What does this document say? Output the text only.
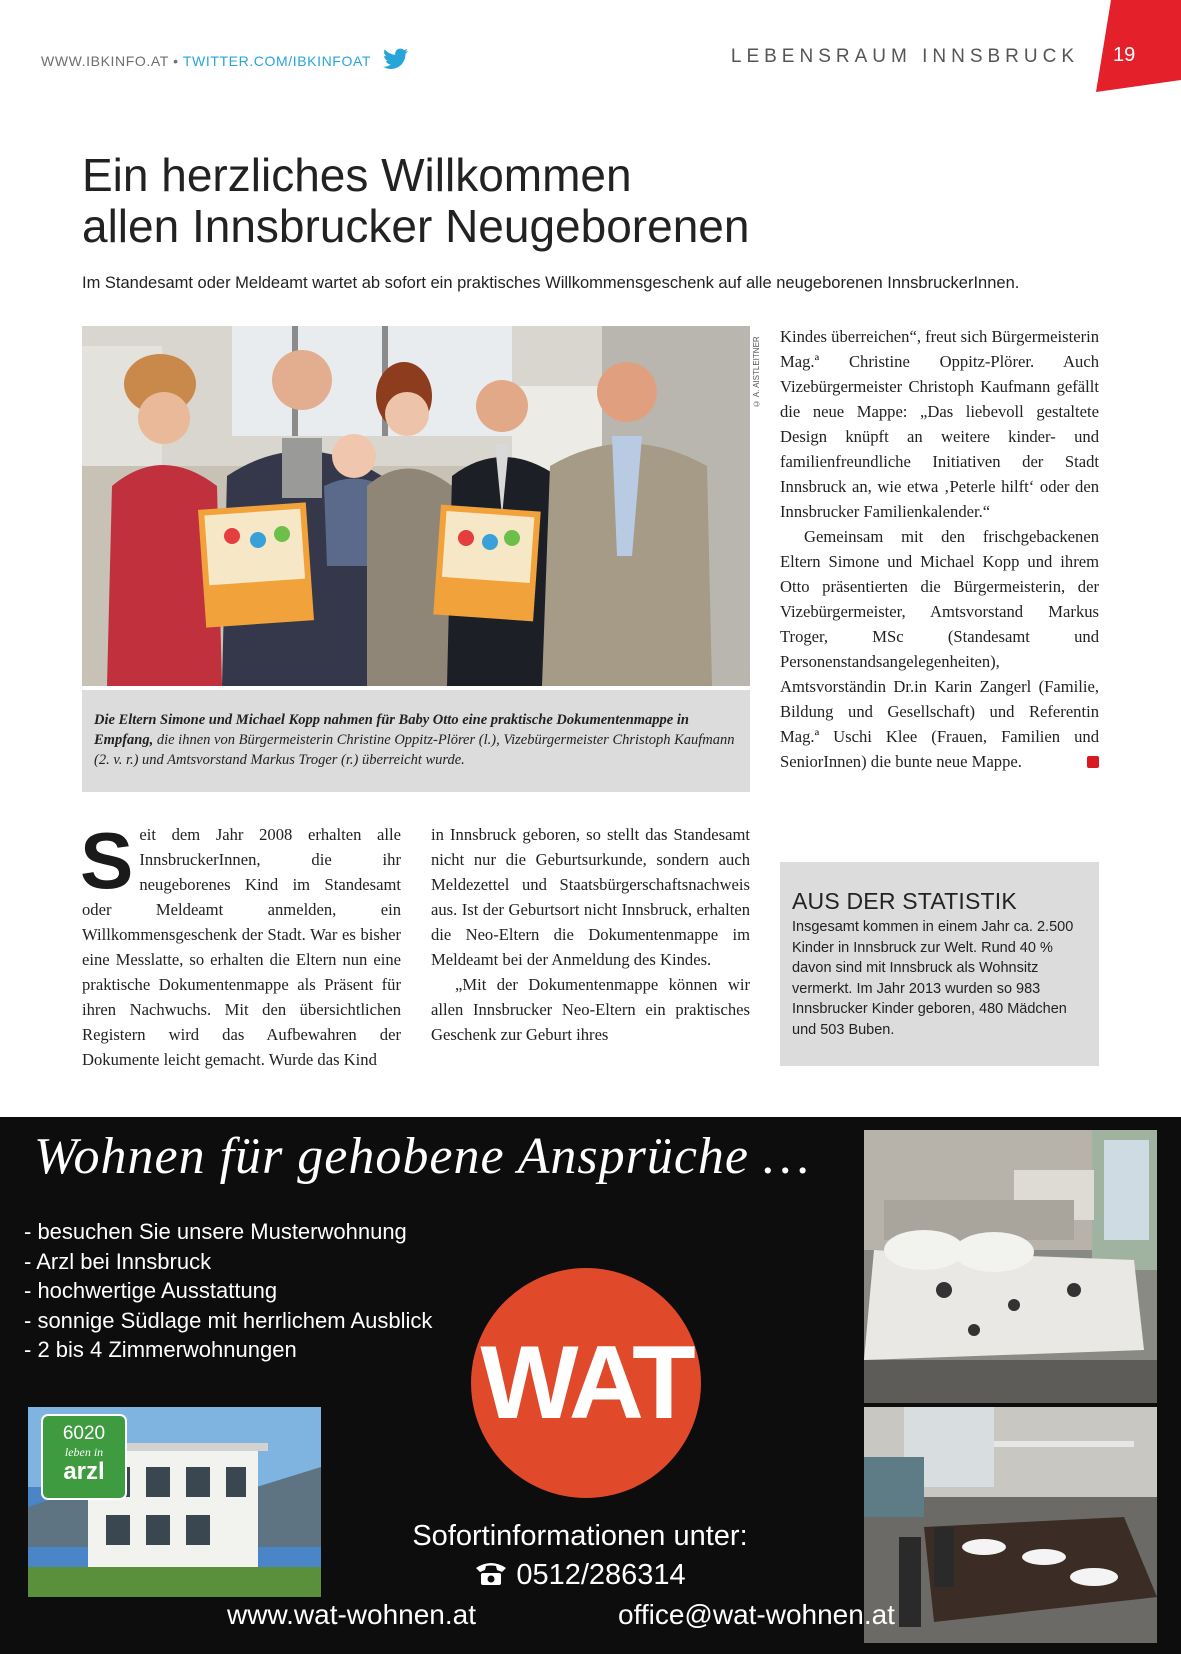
WWW.IBKINFO.AT • TWITTER.COM/IBKINFOAT	LEBENSRAUM INNSBRUCK 19
Ein herzliches Willkommen
allen Innsbrucker Neugeborenen
Im Standesamt oder Meldeamt wartet ab sofort ein praktisches Willkommensgeschenk auf alle neugeborenen InnsbruckerInnen.
© A. AISTLEITNER
Die Eltern Simone und Michael Kopp nahmen für Baby Otto eine praktische Dokumentenmappe in Empfang, die ihnen von Bürgermeisterin Christine Oppitz-Plörer (l.), Vizebürgermeister Christoph Kaufmann (2. v. r.) und Amtsvorstand Markus Troger (r.) überreicht wurde.
S eit dem Jahr 2008 erhalten alle InnsbruckerInnen, die ihr neugeborenes Kind im Standesamt oder Meldeamt anmelden, ein Willkommensgeschenk der Stadt. War es bisher eine Messlatte, so erhalten die Eltern nun eine praktische Dokumentenmappe als Präsent für ihren Nachwuchs. Mit den übersichtlichen Registern wird das Aufbewahren der Dokumente leicht gemacht. Wurde das Kind

in Innsbruck geboren, so stellt das Standesamt nicht nur die Geburtsurkunde, sondern auch Meldezettel und Staatsbürgerschaftsnachweis aus. Ist der Geburtsort nicht Innsbruck, erhalten die Neo-Eltern die Dokumentenmappe im Meldeamt bei der Anmeldung des Kindes.

„Mit der Dokumentenmappe können wir allen Innsbrucker Neo-Eltern ein praktisches Geschenk zur Geburt ihres

Kindes überreichen“, freut sich Bürgermeisterin Mag.ª Christine Oppitz-Plörer. Auch Vizebürgermeister Christoph Kaufmann gefällt die neue Mappe: „Das liebevoll gestaltete Design knüpft an weitere kinder- und familienfreundliche Initiativen der Stadt Innsbruck an, wie etwa ‚Peterle hilft‘ oder den Innsbrucker Familienkalender.“

Gemeinsam mit den frischgebackenen Eltern Simone und Michael Kopp und ihrem Otto präsentierten die Bürgermeisterin, der Vizebürgermeister, Amtsvorstand Markus Troger, MSc (Standesamt und Personenstandsangelegenheiten), Amtsvorständin Dr.in Karin Zangerl (Familie, Bildung und Gesellschaft) und Referentin Mag.ª Uschi Klee (Frauen, Familien und SeniorInnen) die bunte neue Mappe.

AUS DER STATISTIK

Insgesamt kommen in einem Jahr ca. 2.500 Kinder in Innsbruck zur Welt. Rund 40 % davon sind mit Innsbruck als Wohnsitz vermerkt. Im Jahr 2013 wurden so 983 Innsbrucker Kinder geboren, 480 Mädchen und 503 Buben.

Wohnen für gehobene Ansprüche …
- besuchen Sie unsere Musterwohnung
- Arzl bei Innsbruck
- hochwertige Ausstattung
- sonnige Südlage mit herrlichem Ausblick
- 2 bis 4 Zimmerwohnungen
6020
leben in
arzl
WAT
Sofortinformationen unter:
0512/286314
www.wat-wohnen.at	office@wat-wohnen.at
